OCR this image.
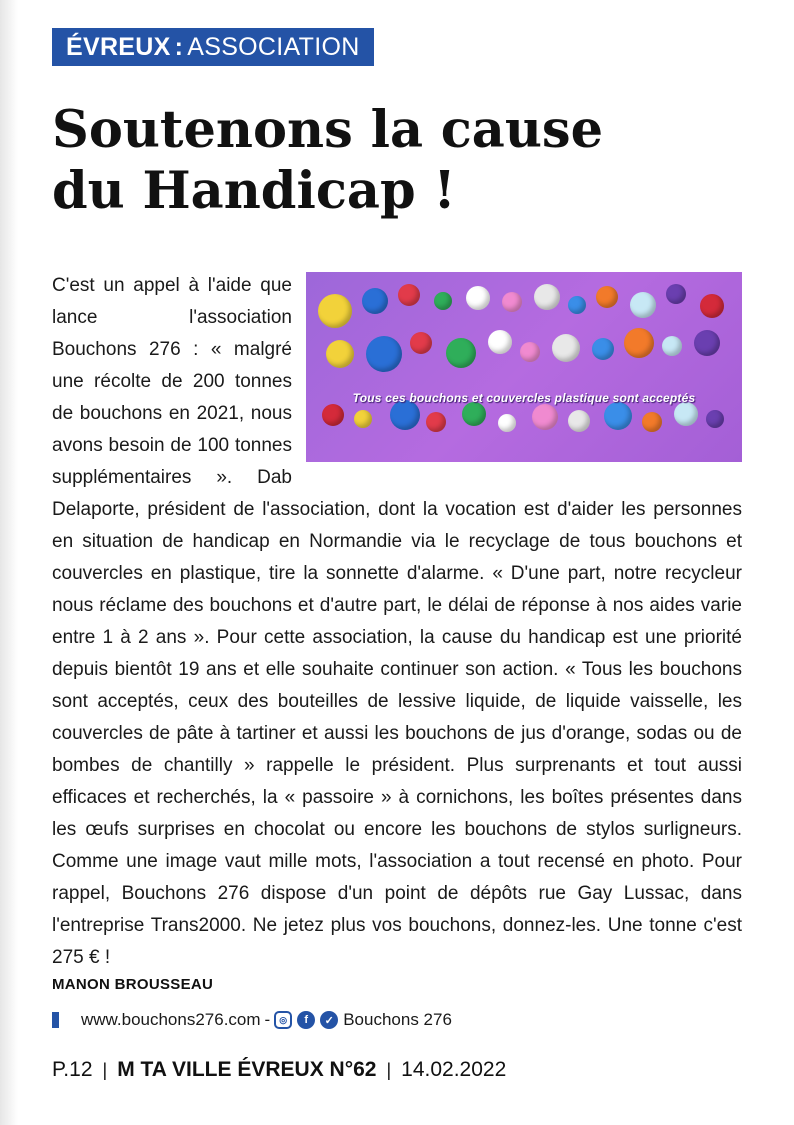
ÉVREUX : ASSOCIATION
Soutenons la cause du Handicap !
Tous ces bouchons et couvercles plastique sont acceptés

C'est un appel à l'aide que lance l'association Bouchons 276 : « malgré une récolte de 200 tonnes de bouchons en 2021, nous avons besoin de 100 tonnes supplémentaires ». Dab Delaporte, président de l'association, dont la vocation est d'aider les personnes en situation de handicap en Normandie via le recyclage de tous bouchons et couvercles en plastique, tire la sonnette d'alarme. « D'une part, notre recycleur nous réclame des bouchons et d'autre part, le délai de réponse à nos aides varie entre 1 à 2 ans ». Pour cette association, la cause du handicap est une priorité depuis bientôt 19 ans et elle souhaite continuer son action. « Tous les bouchons sont acceptés, ceux des bouteilles de lessive liquide, de liquide vaisselle, les couvercles de pâte à tartiner et aussi les bouchons de jus d'orange, sodas ou de bombes de chantilly » rappelle le président. Plus surprenants et tout aussi efficaces et recherchés, la « passoire » à cornichons, les boîtes présentes dans les œufs surprises en chocolat ou encore les bouchons de stylos surligneurs. Comme une image vaut mille mots, l'association a tout recensé en photo. Pour rappel, Bouchons 276 dispose d'un point de dépôts rue Gay Lussac, dans l'entreprise Trans2000. Ne jetez plus vos bouchons, donnez-les. Une tonne c'est 275 € !

MANON BROUSSEAU
www.bouchons276.com -	◎	f	✓ Bouchons 276
P.12 | M TA VILLE ÉVREUX N°62 | 14.02.2022
